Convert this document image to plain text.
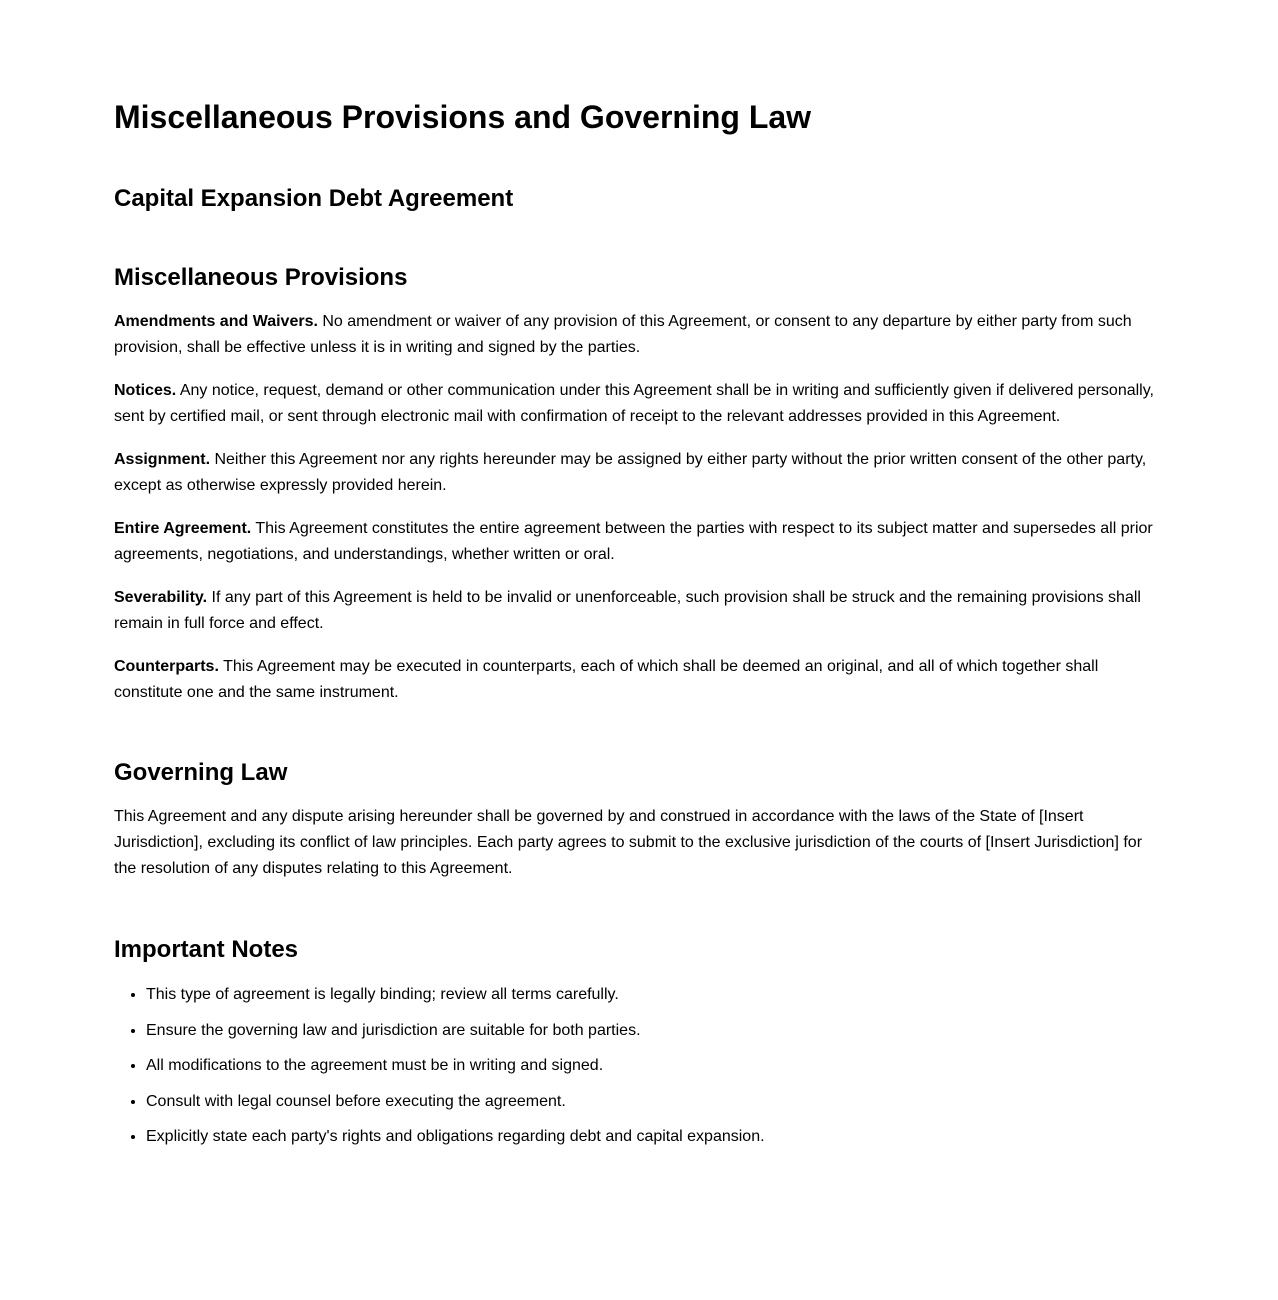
Miscellaneous Provisions and Governing Law
Capital Expansion Debt Agreement
Miscellaneous Provisions

Amendments and Waivers. No amendment or waiver of any provision of this Agreement, or consent to any departure by either party from such provision, shall be effective unless it is in writing and signed by the parties.

Notices. Any notice, request, demand or other communication under this Agreement shall be in writing and sufficiently given if delivered personally, sent by certified mail, or sent through electronic mail with confirmation of receipt to the relevant addresses provided in this Agreement.

Assignment. Neither this Agreement nor any rights hereunder may be assigned by either party without the prior written consent of the other party, except as otherwise expressly provided herein.

Entire Agreement. This Agreement constitutes the entire agreement between the parties with respect to its subject matter and supersedes all prior agreements, negotiations, and understandings, whether written or oral.

Severability. If any part of this Agreement is held to be invalid or unenforceable, such provision shall be struck and the remaining provisions shall remain in full force and effect.

Counterparts. This Agreement may be executed in counterparts, each of which shall be deemed an original, and all of which together shall constitute one and the same instrument.

Governing Law

This Agreement and any dispute arising hereunder shall be governed by and construed in accordance with the laws of the State of [Insert Jurisdiction], excluding its conflict of law principles. Each party agrees to submit to the exclusive jurisdiction of the courts of [Insert Jurisdiction] for the resolution of any disputes relating to this Agreement.

Important Notes
• This type of agreement is legally binding; review all terms carefully.
• Ensure the governing law and jurisdiction are suitable for both parties.
• All modifications to the agreement must be in writing and signed.
• Consult with legal counsel before executing the agreement.
• Explicitly state each party's rights and obligations regarding debt and capital expansion.
